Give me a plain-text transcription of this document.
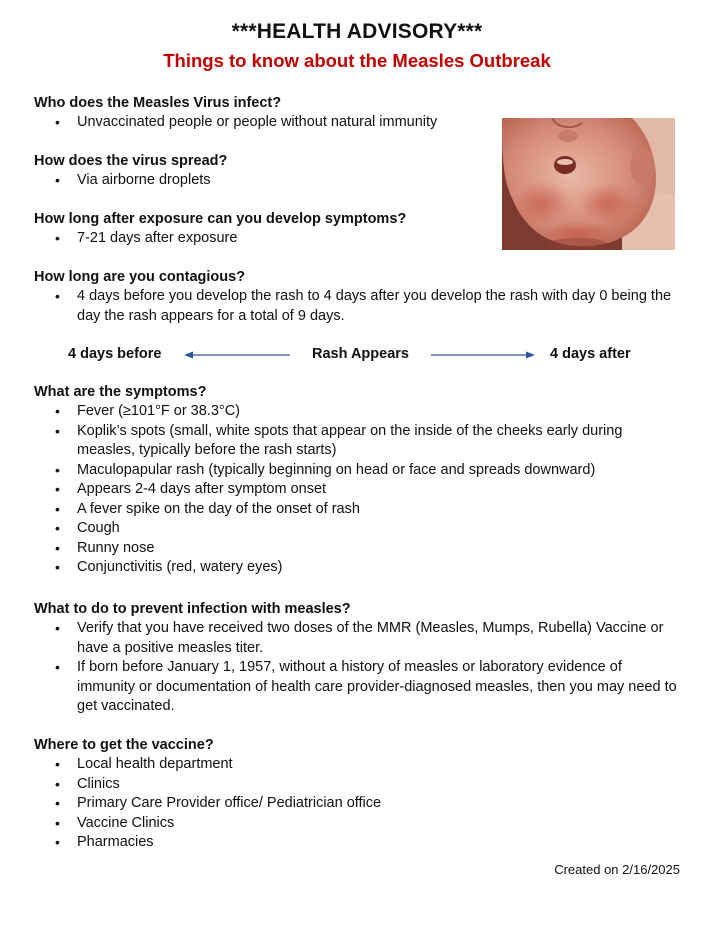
***HEALTH ADVISORY***
Things to know about the Measles Outbreak

Who does the Measles Virus infect?

• Unvaccinated people or people without natural immunity

How does the virus spread?

• Via airborne droplets

How long after exposure can you develop symptoms?

• 7-21 days after exposure

How long are you contagious?

• 4 days before you develop the rash to 4 days after you develop the rash with day 0 being the day the rash appears for a total of 9 days.
4 days before	Rash Appears	4 days after

What are the symptoms?

• Fever (≥101°F or 38.3°C)
• Koplik’s spots (small, white spots that appear on the inside of the cheeks early during measles, typically before the rash starts)
• Maculopapular rash (typically beginning on head or face and spreads downward)
• Appears 2-4 days after symptom onset
• A fever spike on the day of the onset of rash
• Cough
• Runny nose
• Conjunctivitis (red, watery eyes)

What to do to prevent infection with measles?

• Verify that you have received two doses of the MMR (Measles, Mumps, Rubella) Vaccine or have a positive measles titer.
• If born before January 1, 1957, without a history of measles or laboratory evidence of immunity or documentation of health care provider-diagnosed measles, then you may need to get vaccinated.

Where to get the vaccine?

• Local health department
• Clinics
• Primary Care Provider office/ Pediatrician office
• Vaccine Clinics
• Pharmacies
Created on 2/16/2025
